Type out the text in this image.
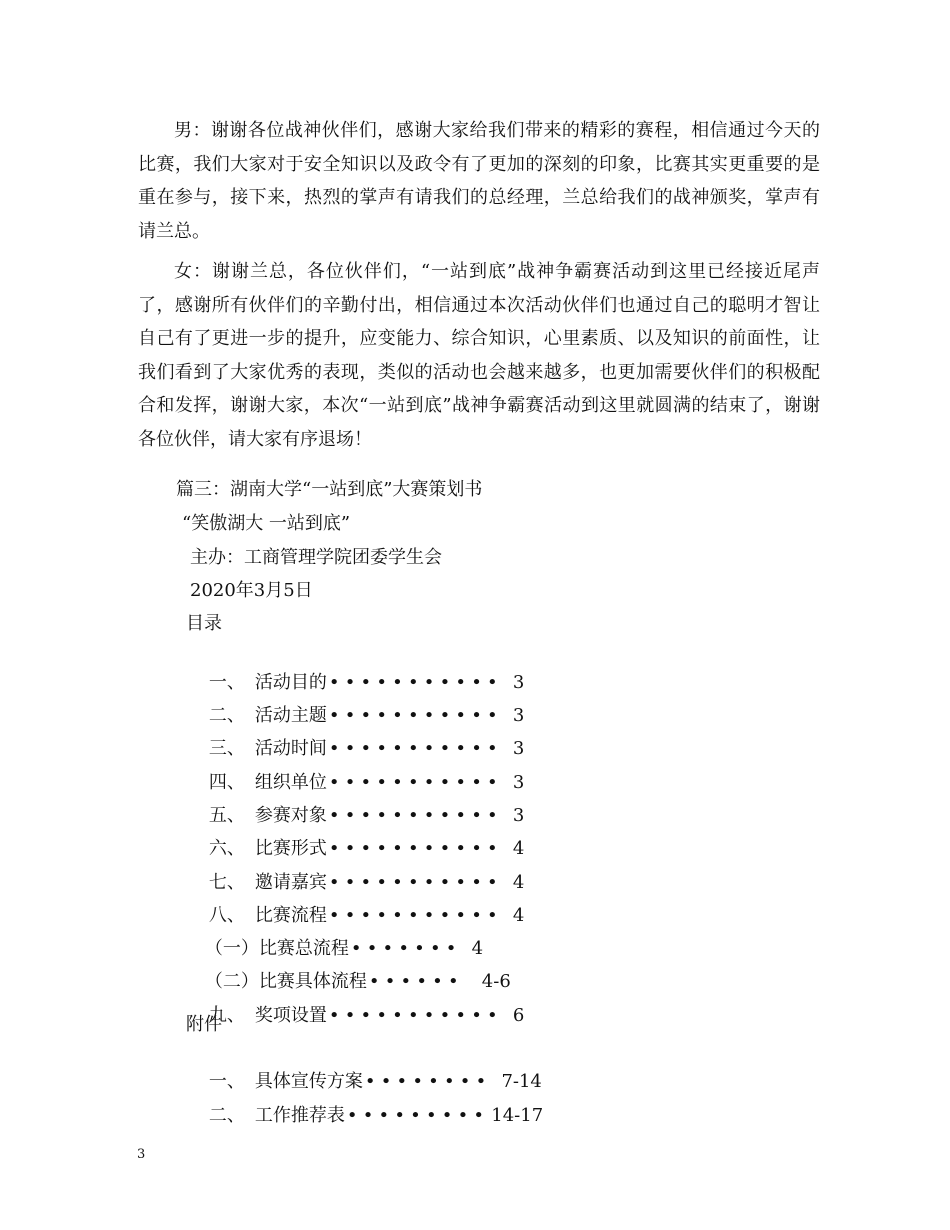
男：谢谢各位战神伙伴们，感谢大家给我们带来的精彩的赛程，相信通过今天的比赛，我们大家对于安全知识以及政令有了更加的深刻的印象，比赛其实更重要的是重在参与，接下来，热烈的掌声有请我们的总经理，兰总给我们的战神颁奖，掌声有请兰总。

女：谢谢兰总，各位伙伴们，“一站到底”战神争霸赛活动到这里已经接近尾声了，感谢所有伙伴们的辛勤付出，相信通过本次活动伙伴们也通过自己的聪明才智让自己有了更进一步的提升，应变能力、综合知识，心里素质、以及知识的前面性，让我们看到了大家优秀的表现，类似的活动也会越来越多，也更加需要伙伴们的积极配合和发挥，谢谢大家，本次“一站到底”战神争霸赛活动到这里就圆满的结束了，谢谢各位伙伴，请大家有序退场！

篇三：湖南大学“一站到底”大赛策划书
“笑傲湖大 一站到底”
主办：工商管理学院团委学生会
2020年3月5日
目录

一、 活动目的 ••••••••••• 3

二、 活动主题 ••••••••••• 3

三、 活动时间 ••••••••••• 3

四、 组织单位 ••••••••••• 3

五、 参赛对象 ••••••••••• 3

六、 比赛形式 ••••••••••• 4

七、 邀请嘉宾 ••••••••••• 4

八、 比赛流程 ••••••••••• 4

（一）比赛总流程 ••••••• 4

（二）比赛具体流程 •••••• 4-6

九、 奖项设置 ••••••••••• 6

附件

一、 具体宣传方案 •••••••• 7-14

二、 工作推荐表 ••••••••• 14-17

3
